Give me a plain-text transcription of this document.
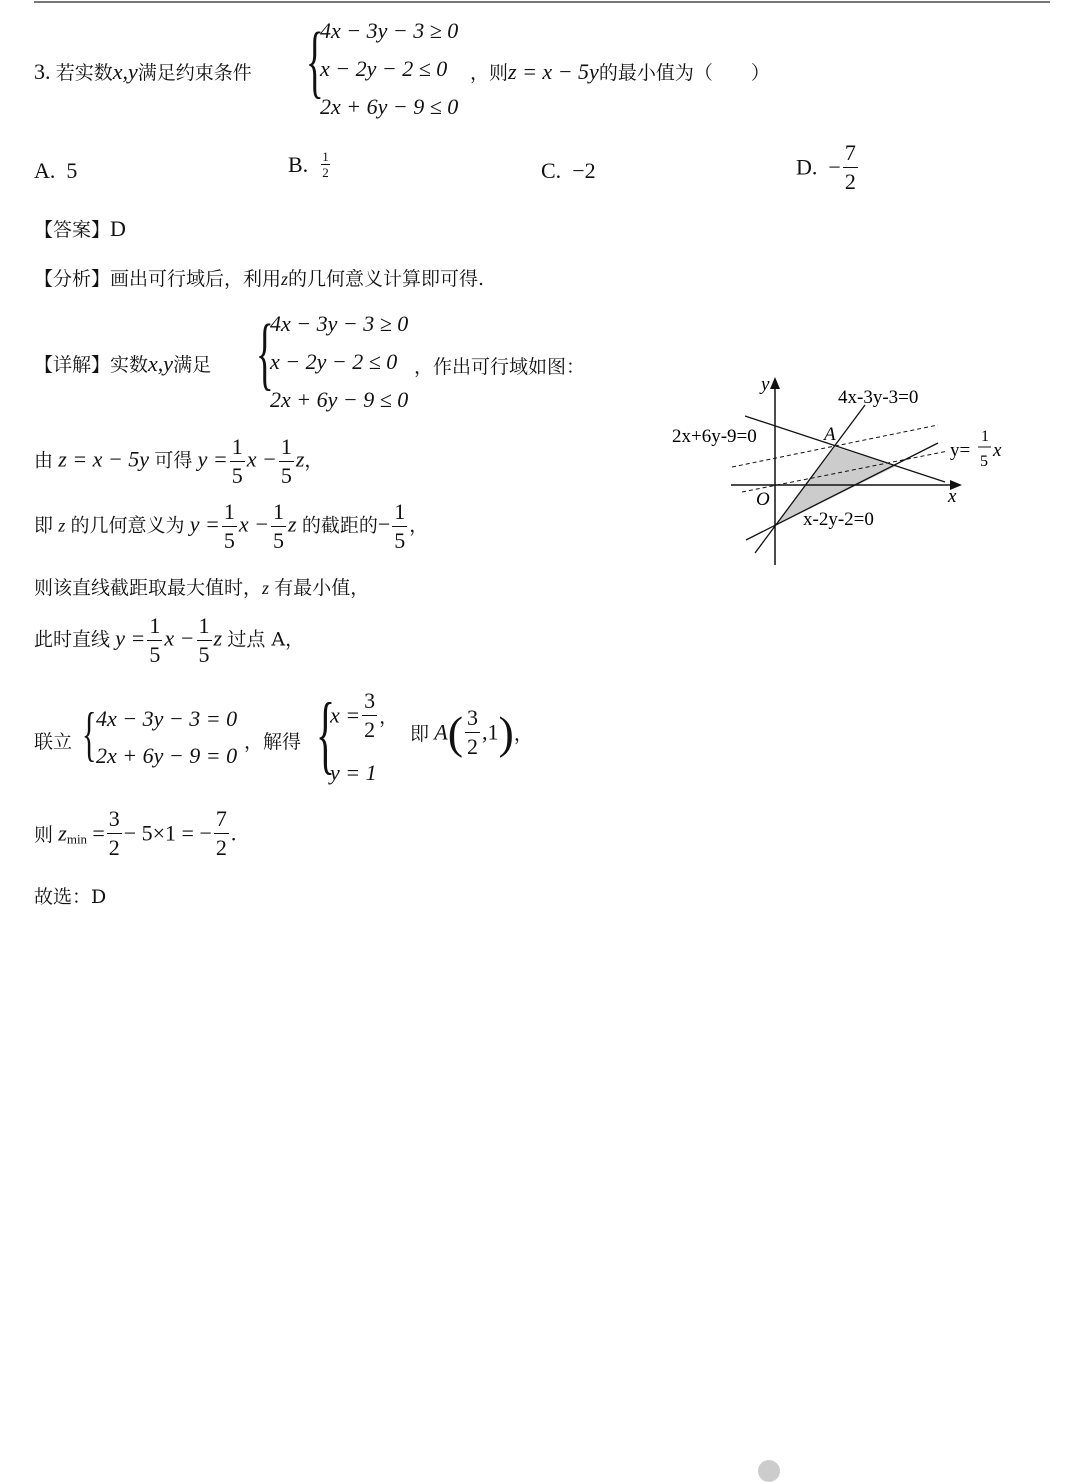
3. 若实数x,y满足约束条件 {
4x − 3y − 3 ≥ 0
x − 2y − 2 ≤ 0
2x + 6y − 9 ≤ 0
，则z = x − 5y的最小值为（　　）
A. 5	B. $\frac{1}{2}$	C. −2	D. − $\frac{7}{2}$
【答案】D
【分析】画出可行域后，利用z的几何意义计算即可得.
【详解】实数x,y满足 {
4x − 3y − 3 ≥ 0
x − 2y − 2 ≤ 0
2x + 6y − 9 ≤ 0
，作出可行域如图：
由 z = x − 5y 可得 $y = \frac{1}{5}$ $x - \frac{1}{5}$ z，
即 z 的几何意义为 $y = \frac{1}{5}$ $x - \frac{1}{5}$ z 的截距的− $\frac{1}{5}$ ，
则该直线截距取最大值时，z 有最小值，
此时直线 $y = \frac{1}{5}$ $x - \frac{1}{5}$ z 过点 A，
联立 { 4x − 3y − 3 = 0
2x + 6y − 9 = 0
，解得 {
$x = \frac{3}{2}$ ，
y = 1
即 $A( \frac{3}{2} ,1)$，
则 $z_{min} = \frac{3}{2} - 5\times 1$ = − $\frac{7}{2}$ .
故选：D
y
x
O
A
4x-3y-3=0
2x+6y-9=0
x-2y-2=0
y=
1
5
x
